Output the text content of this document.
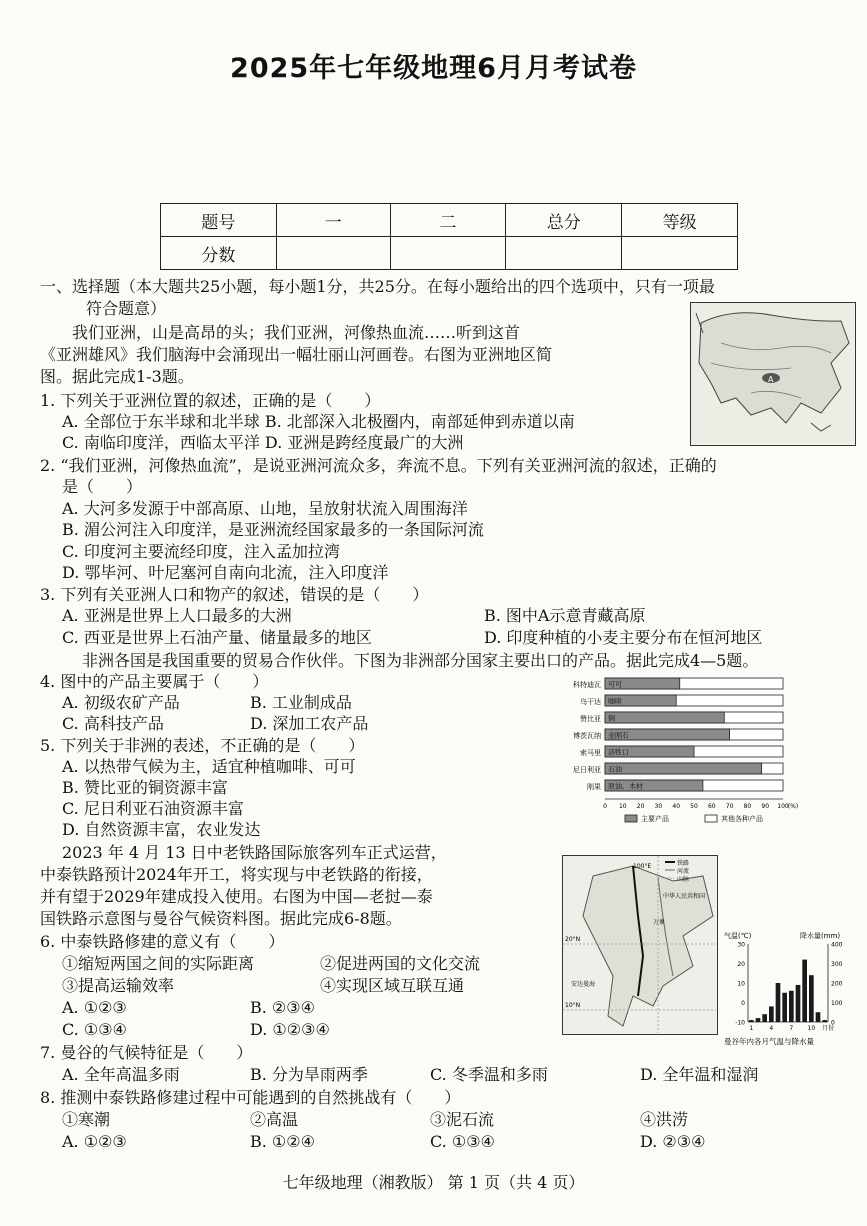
2025年七年级地理6月月考试卷
题号	一	二	总分	等级
分数				
一、选择题（本大题共25小题，每小题1分，共25分。在每小题给出的四个选项中，只有一项最
符合题意）
我们亚洲，山是高昂的头；我们亚洲，河像热血流……听到这首
《亚洲雄风》我们脑海中会涌现出一幅壮丽山河画卷。右图为亚洲地区简
图。据此完成1-3题。	A
1. 下列关于亚洲位置的叙述，正确的是（　　）
A. 全部位于东半球和北半球 B. 北部深入北极圈内，南部延伸到赤道以南
C. 南临印度洋，西临太平洋 D. 亚洲是跨经度最广的大洲
2. “我们亚洲，河像热血流”，是说亚洲河流众多，奔流不息。下列有关亚洲河流的叙述，正确的
是（　　）
A. 大河多发源于中部高原、山地，呈放射状流入周围海洋
B. 湄公河注入印度洋，是亚洲流经国家最多的一条国际河流
C. 印度河主要流经印度，注入孟加拉湾
D. 鄂毕河、叶尼塞河自南向北流，注入印度洋
3. 下列有关亚洲人口和物产的叙述，错误的是（　　）
A. 亚洲是世界上人口最多的大洲	B. 图中A示意青藏高原
C. 西亚是世界上石油产量、储量最多的地区	D. 印度种植的小麦主要分布在恒河地区
非洲各国是我国重要的贸易合作伙伴。下图为非洲部分国家主要出口的产品。据此完成4—5题。
4. 图中的产品主要属于（　　）
A. 初级农矿产品	B. 工业制成品
C. 高科技产品	D. 深加工农产品
5. 下列关于非洲的表述，不正确的是（　　）
A. 以热带气候为主，适宜种植咖啡、可可
B. 赞比亚的铜资源丰富
C. 尼日利亚石油资源丰富
D. 自然资源丰富，农业发达
科特迪瓦 可可
乌干达 咖啡
赞比亚 铜
博茨瓦纳 金刚石
索马里 活牲口
尼日利亚 石油
刚果 原油、木材
0 10 20 30 40 50 60 70 80 90 100 (%)
主要产品	其他各种产品
2023 年 4 月 13 日中老铁路国际旅客列车正式运营，
中泰铁路预计2024年开工，将实现与中老铁路的衔接，
并有望于2029年建成投入使用。右图为中国—老挝—泰
国铁路示意图与曼谷气候资料图。据此完成6-8题。
100°E
20°N
10°N
中华人民共和国
万象
安达曼海
铁路
河流
山脉
气温(℃)	降水量(mm)
30
20
10
0
-10
400
300
200
100
0
1	4	7 10 月份
曼谷年内各月气温与降水量
6. 中泰铁路修建的意义有（　　）
①缩短两国之间的实际距离	②促进两国的文化交流
③提高运输效率	④实现区域互联互通
A. ①②③	B. ②③④
C. ①③④	D. ①②③④
7. 曼谷的气候特征是（　　）
A. 全年高温多雨	B. 分为旱雨两季	C. 冬季温和多雨	D. 全年温和湿润
8. 推测中泰铁路修建过程中可能遇到的自然挑战有（　　）
①寒潮	②高温	③泥石流	④洪涝
A. ①②③	B. ①②④	C. ①③④	D. ②③④
七年级地理（湘教版） 第 1 页（共 4 页）
